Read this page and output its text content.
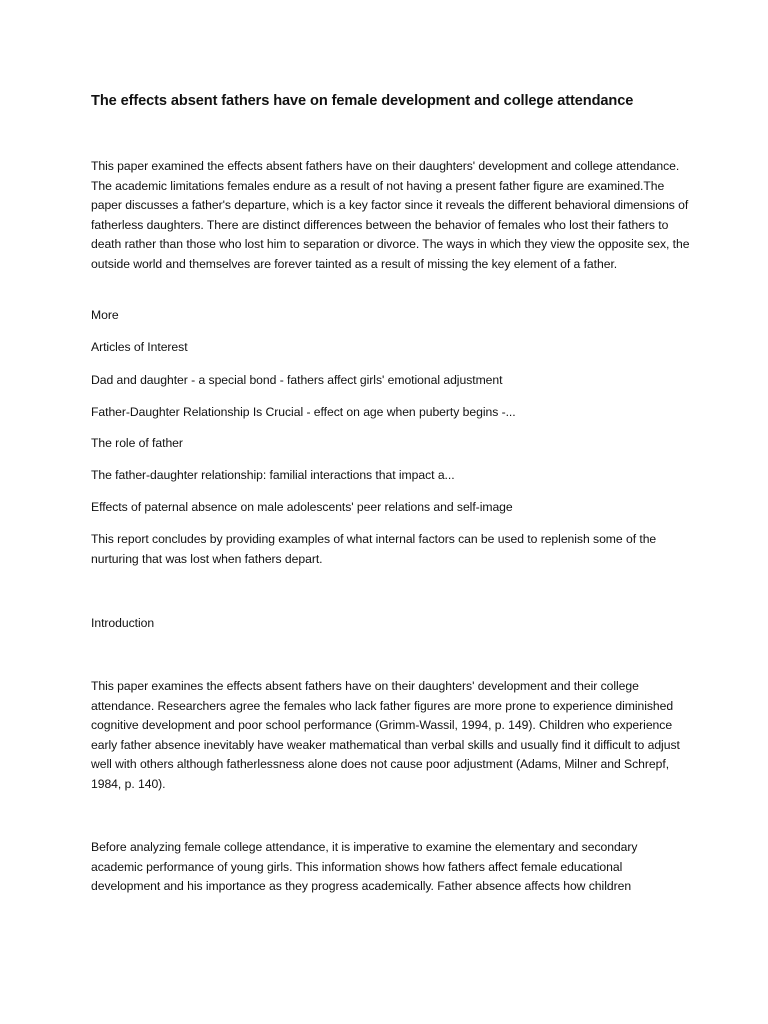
The effects absent fathers have on female development and college attendance
This paper examined the effects absent fathers have on their daughters' development and college attendance. The academic limitations females endure as a result of not having a present father figure are examined.The paper discusses a father's departure, which is a key factor since it reveals the different behavioral dimensions of fatherless daughters. There are distinct differences between the behavior of females who lost their fathers to death rather than those who lost him to separation or divorce. The ways in which they view the opposite sex, the outside world and themselves are forever tainted as a result of missing the key element of a father.
More
Articles of Interest
Dad and daughter - a special bond - fathers affect girls' emotional adjustment
Father-Daughter Relationship Is Crucial - effect on age when puberty begins -...
The role of father
The father-daughter relationship: familial interactions that impact a...
Effects of paternal absence on male adolescents' peer relations and self-image
This report concludes by providing examples of what internal factors can be used to replenish some of the nurturing that was lost when fathers depart.
Introduction
This paper examines the effects absent fathers have on their daughters' development and their college attendance. Researchers agree the females who lack father figures are more prone to experience diminished cognitive development and poor school performance (Grimm-Wassil, 1994, p. 149). Children who experience early father absence inevitably have weaker mathematical than verbal skills and usually find it difficult to adjust well with others although fatherlessness alone does not cause poor adjustment (Adams, Milner and Schrepf, 1984, p. 140).
Before analyzing female college attendance, it is imperative to examine the elementary and secondary academic performance of young girls. This information shows how fathers affect female educational development and his importance as they progress academically. Father absence affects how children
